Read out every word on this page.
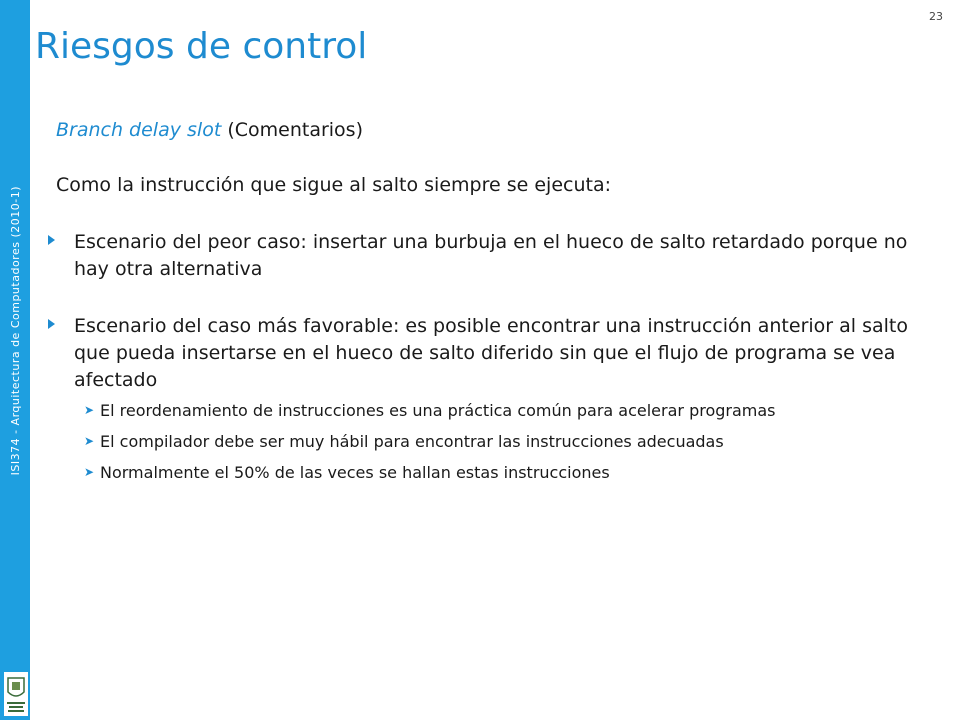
ISI374 - Arquitectura de Computadores (2010-1)
23
Riesgos de control

Branch delay slot (Comentarios)

Como la instrucción que sigue al salto siempre se ejecuta:

Escenario del peor caso: insertar una burbuja en el hueco de salto retardado porque no hay otra alternativa
Escenario del caso más favorable: es posible encontrar una instrucción anterior al salto que pueda insertarse en el hueco de salto diferido sin que el flujo de programa se vea afectado
➤ El reordenamiento de instrucciones es una práctica común para acelerar programas
➤ El compilador debe ser muy hábil para encontrar las instrucciones adecuadas
➤ Normalmente el 50% de las veces se hallan estas instrucciones
